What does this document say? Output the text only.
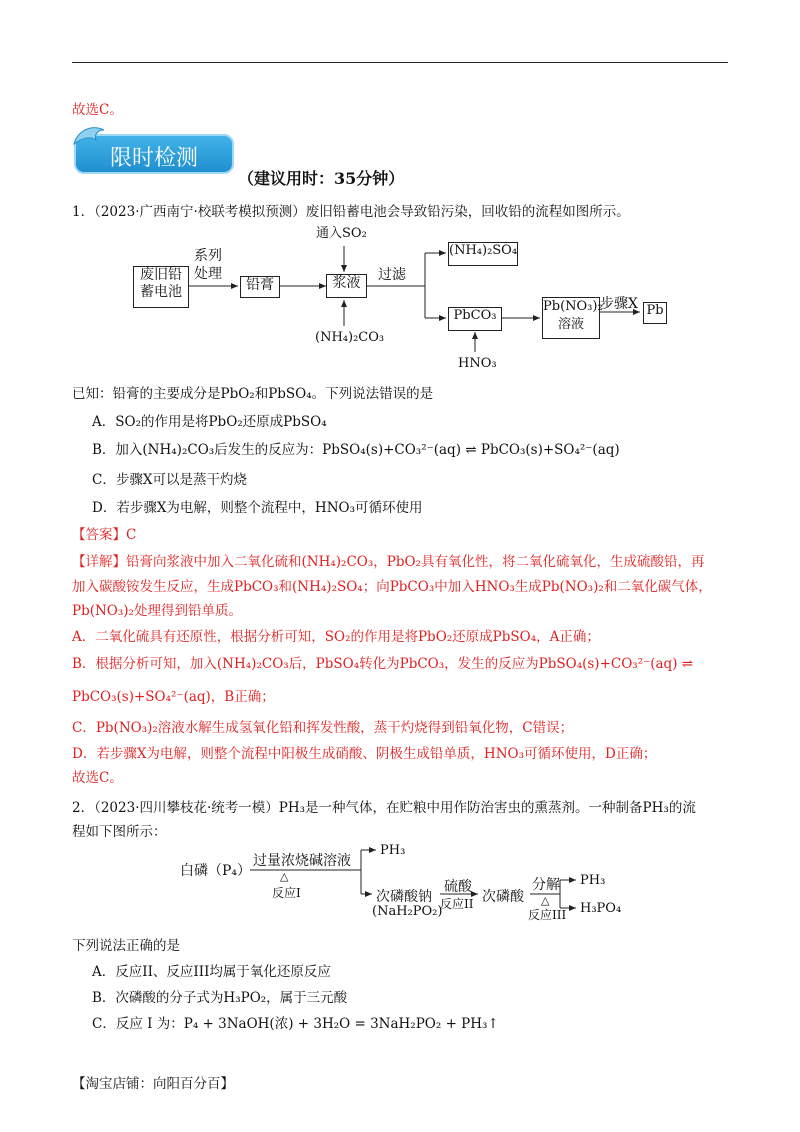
故选C。
限时检测
（建议用时：35分钟）
1．（2023·广西南宁·校联考模拟预测）废旧铅蓄电池会导致铅污染，回收铅的流程如图所示。
废旧铅蓄电池
系列处理
铅膏
通入SO₂
浆液
(NH₄)₂CO₃
过滤
(NH₄)₂SO₄
PbCO₃
HNO₃
Pb(NO₃)₂溶液
步骤X Pb
已知：铅膏的主要成分是PbO₂和PbSO₄。下列说法错误的是
A．SO₂的作用是将PbO₂还原成PbSO₄
B．加入(NH₄)₂CO₃后发生的反应为：PbSO₄(s)+CO₃²⁻(aq) ⇌ PbCO₃(s)+SO₄²⁻(aq)
C．步骤X可以是蒸干灼烧
D．若步骤X为电解，则整个流程中，HNO₃可循环使用
【答案】C
【详解】铅膏向浆液中加入二氧化硫和(NH₄)₂CO₃，PbO₂具有氧化性，将二氧化硫氧化，生成硫酸铅，再
加入碳酸铵发生反应，生成PbCO₃和(NH₄)₂SO₄；向PbCO₃中加入HNO₃生成Pb(NO₃)₂和二氧化碳气体，
Pb(NO₃)₂处理得到铅单质。
A．二氧化硫具有还原性，根据分析可知，SO₂的作用是将PbO₂还原成PbSO₄，A正确；
B．根据分析可知，加入(NH₄)₂CO₃后，PbSO₄转化为PbCO₃，发生的反应为PbSO₄(s)+CO₃²⁻(aq) ⇌
PbCO₃(s)+SO₄²⁻(aq)，B正确；
C．Pb(NO₃)₂溶液水解生成氢氧化铅和挥发性酸，蒸干灼烧得到铅氧化物，C错误；
D．若步骤X为电解，则整个流程中阳极生成硝酸、阴极生成铅单质，HNO₃可循环使用，D正确；
故选C。
2．（2023·四川攀枝花·统考一模）PH₃是一种气体，在贮粮中用作防治害虫的熏蒸剂。一种制备PH₃的流
程如下图所示：
白磷（P₄）
过量浓烧碱溶液
△
反应I
PH₃
次磷酸钠
(NaH₂PO₂)
硫酸
反应II 次磷酸
分解
△
反应III
PH₃
H₃PO₄
下列说法正确的是
A．反应II、反应III均属于氧化还原反应
B．次磷酸的分子式为H₃PO₂，属于三元酸
C．反应 I 为：P₄ + 3NaOH(浓) + 3H₂O = 3NaH₂PO₂ + PH₃↑
【淘宝店铺：向阳百分百】
